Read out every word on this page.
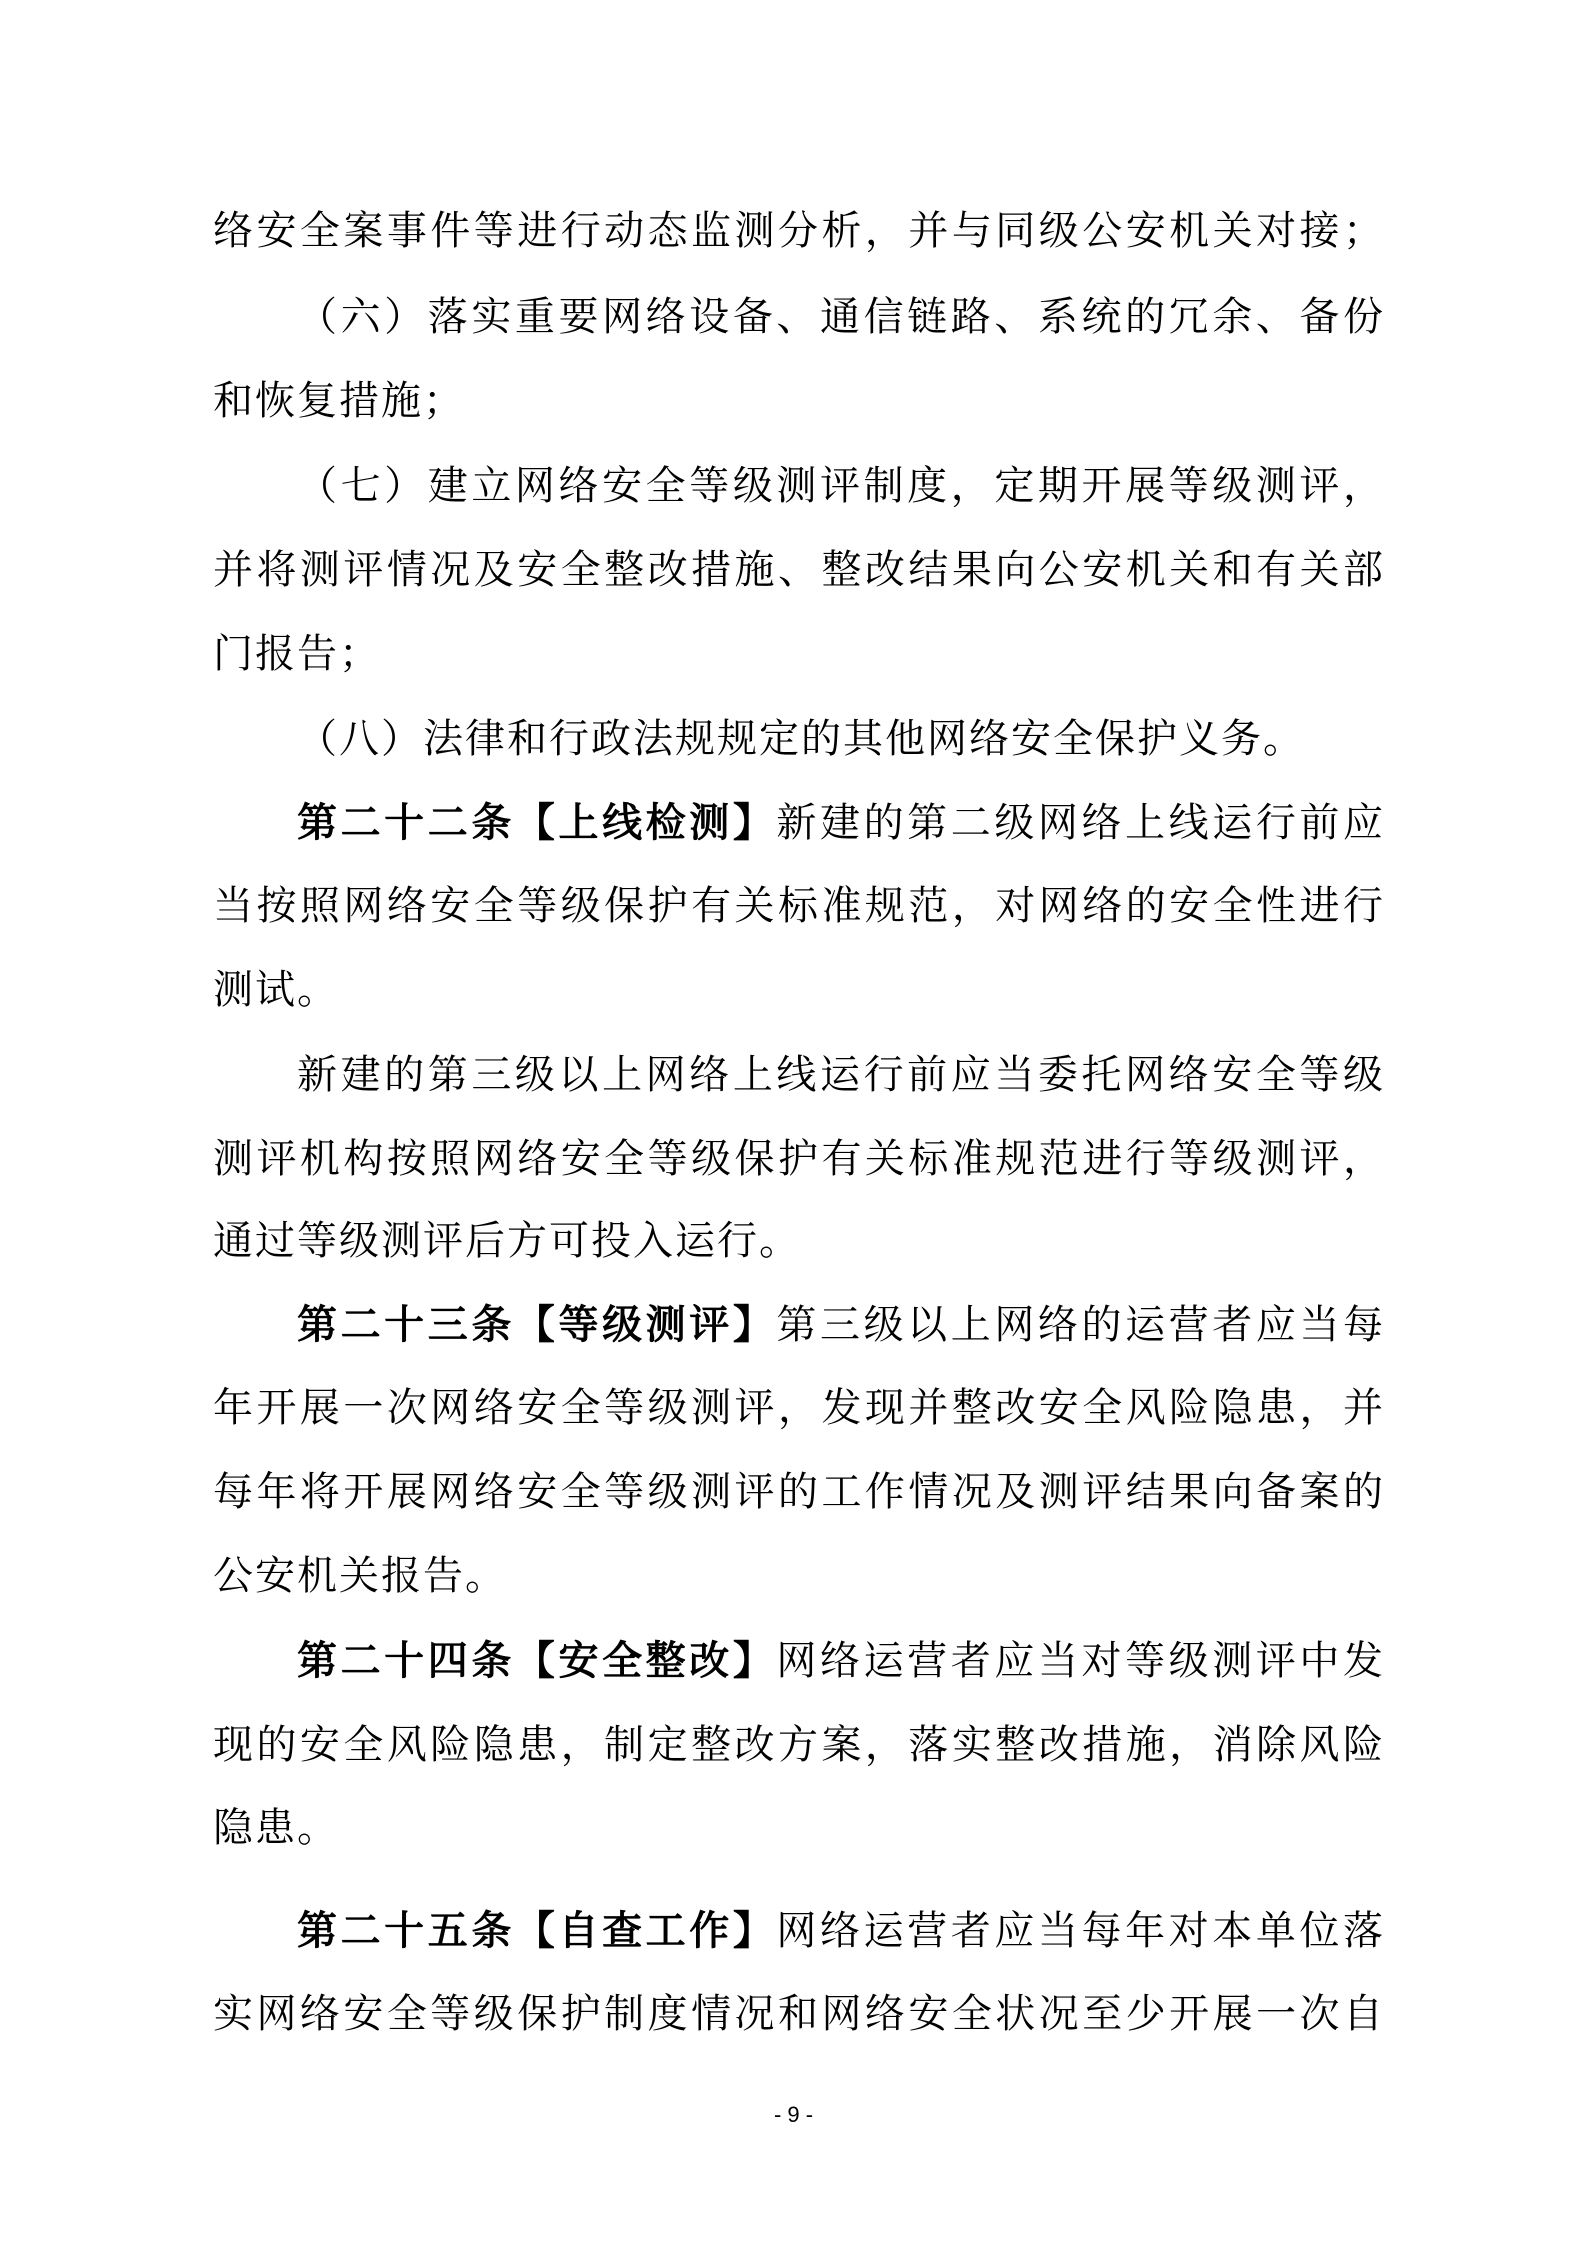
络安全案事件等进行动态监测分析，并与同级公安机关对接；
（六）落实重要网络设备、通信链路、系统的冗余、备份
和恢复措施；
（七）建立网络安全等级测评制度，定期开展等级测评，
并将测评情况及安全整改措施、整改结果向公安机关和有关部
门报告；
（八）法律和行政法规规定的其他网络安全保护义务。
第二十二条【上线检测】新建的第二级网络上线运行前应
当按照网络安全等级保护有关标准规范，对网络的安全性进行
测试。
新建的第三级以上网络上线运行前应当委托网络安全等级
测评机构按照网络安全等级保护有关标准规范进行等级测评，
通过等级测评后方可投入运行。
第二十三条【等级测评】第三级以上网络的运营者应当每
年开展一次网络安全等级测评，发现并整改安全风险隐患，并
每年将开展网络安全等级测评的工作情况及测评结果向备案的
公安机关报告。
第二十四条【安全整改】网络运营者应当对等级测评中发
现的安全风险隐患，制定整改方案，落实整改措施，消除风险
隐患。
第二十五条【自查工作】网络运营者应当每年对本单位落
实网络安全等级保护制度情况和网络安全状况至少开展一次自
- 9 -
